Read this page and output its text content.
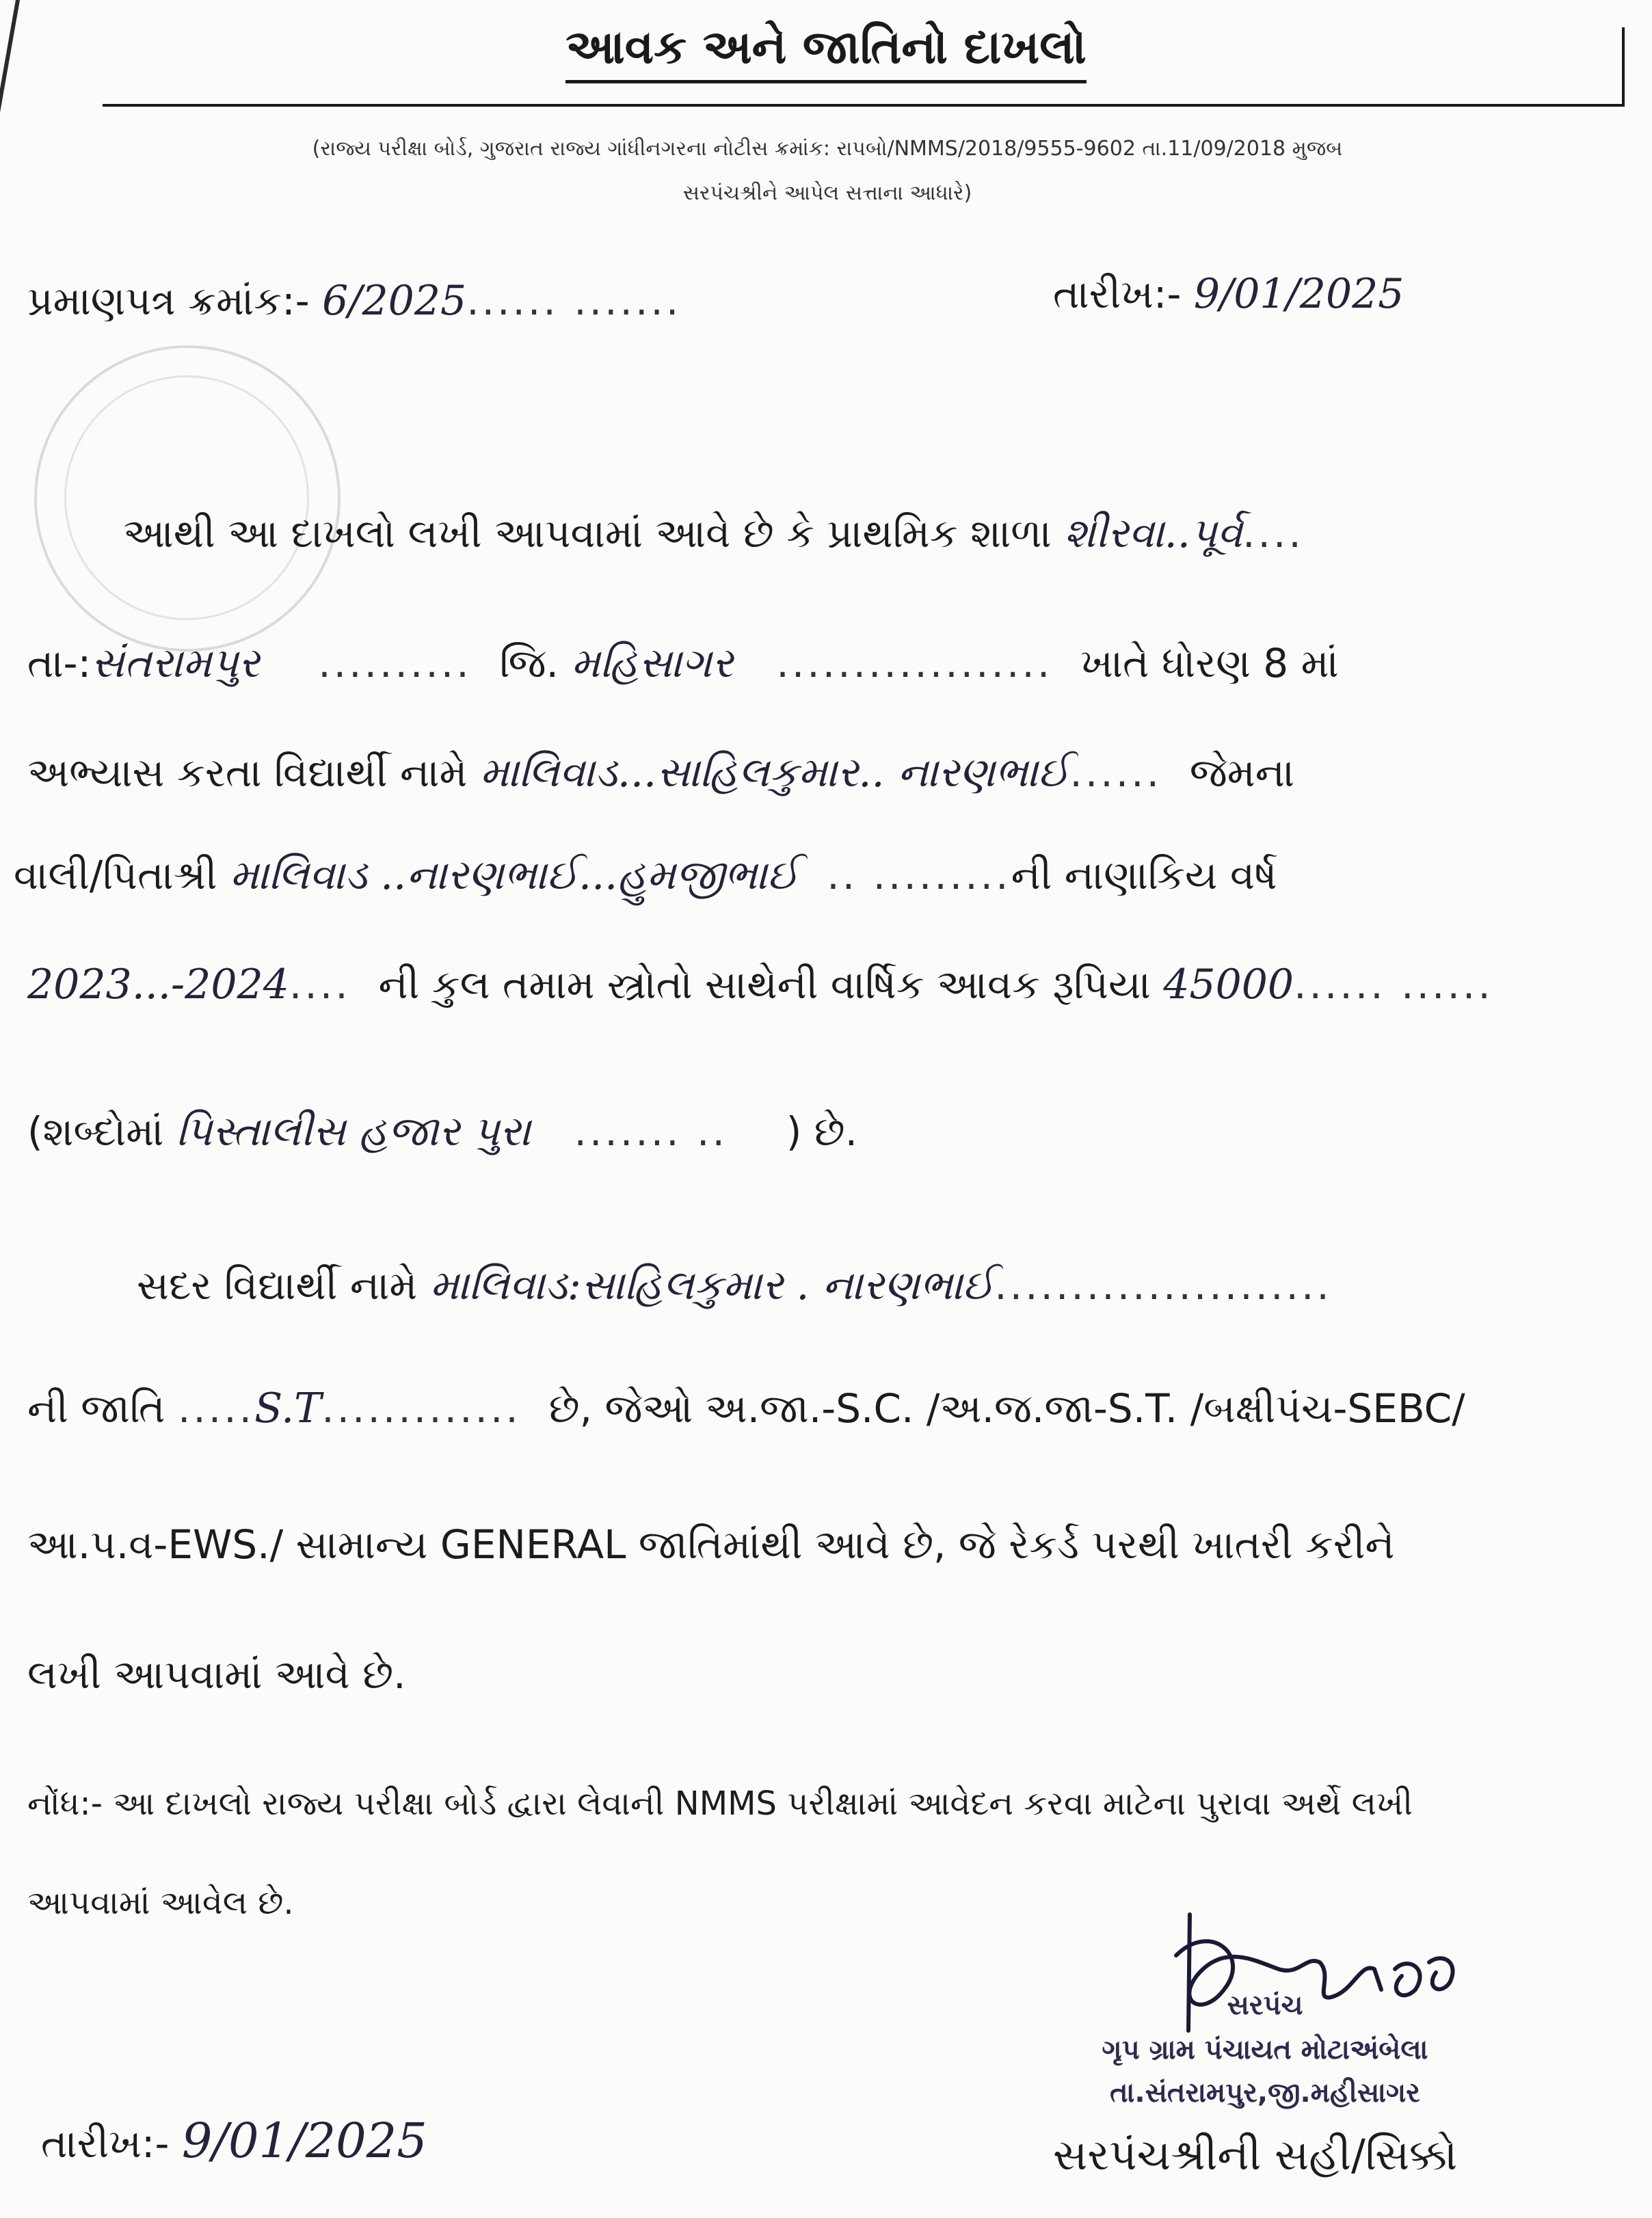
આવક અને જાતિનો દાખલો
(રાજ્ય પરીક્ષા બોર્ડ, ગુજરાત રાજ્ય ગાંધીનગરના નોટીસ ક્રમાંક: રાપબો/NMMS/2018/9555-9602 તા.11/09/2018 મુજબ
સરપંચશ્રીને આપેલ સત્તાના આધારે)
પ્રમાણપત્ર ક્રમાંક:- 6/2025...... .......	તારીખ:- 9/01/2025
આથી આ દાખલો લખી આપવામાં આવે છે કે પ્રાથમિક શાળા શીરવા..પૂર્વ....
તા-:સંતરામપુર    ..........  જિ. મહિસાગર   ..................  ખાતે ધોરણ 8 માં
અભ્યાસ કરતા વિદ્યાર્થી નામે માલિવાડ...સાહિલકુમાર.. નારણભાઈ......  જેમના
વાલી/પિતાશ્રી માલિવાડ ..નારણભાઈ...હુમજીભાઈ  .. .........ની નાણાકિય વર્ષ
2023...-2024....  ની કુલ તમામ સ્ત્રોતો સાથેની વાર્ષિક આવક રૂપિયા 45000...... ......
(શબ્દોમાં પિસ્તાલીસ હજાર પુરા   ....... ..    ) છે.
સદર વિદ્યાર્થી નામે માલિવાડ:સાહિલકુમાર . નારણભાઈ......................
ની જાતિ .....S.T.............  છે, જેઓ અ.જા.-S.C. /અ.જ.જા-S.T. /બક્ષીપંચ-SEBC/
આ.પ.વ-EWS./ સામાન્ય GENERAL જાતિમાંથી આવે છે, જે રેકર્ડ પરથી ખાતરી કરીને
લખી આપવામાં આવે છે.
નોંધ:- આ દાખલો રાજ્ય પરીક્ષા બોર્ડ દ્વારા લેવાની NMMS પરીક્ષામાં આવેદન કરવા માટેના પુરાવા અર્થે લખી
આપવામાં આવેલ છે.
સરપંચ
ગૃપ ગ્રામ પંચાયત મોટાઅંબેલા
તા.સંતરામપુર,જી.મહીસાગર
સરપંચશ્રીની સહી/સિક્કો
તારીખ:- 9/01/2025
